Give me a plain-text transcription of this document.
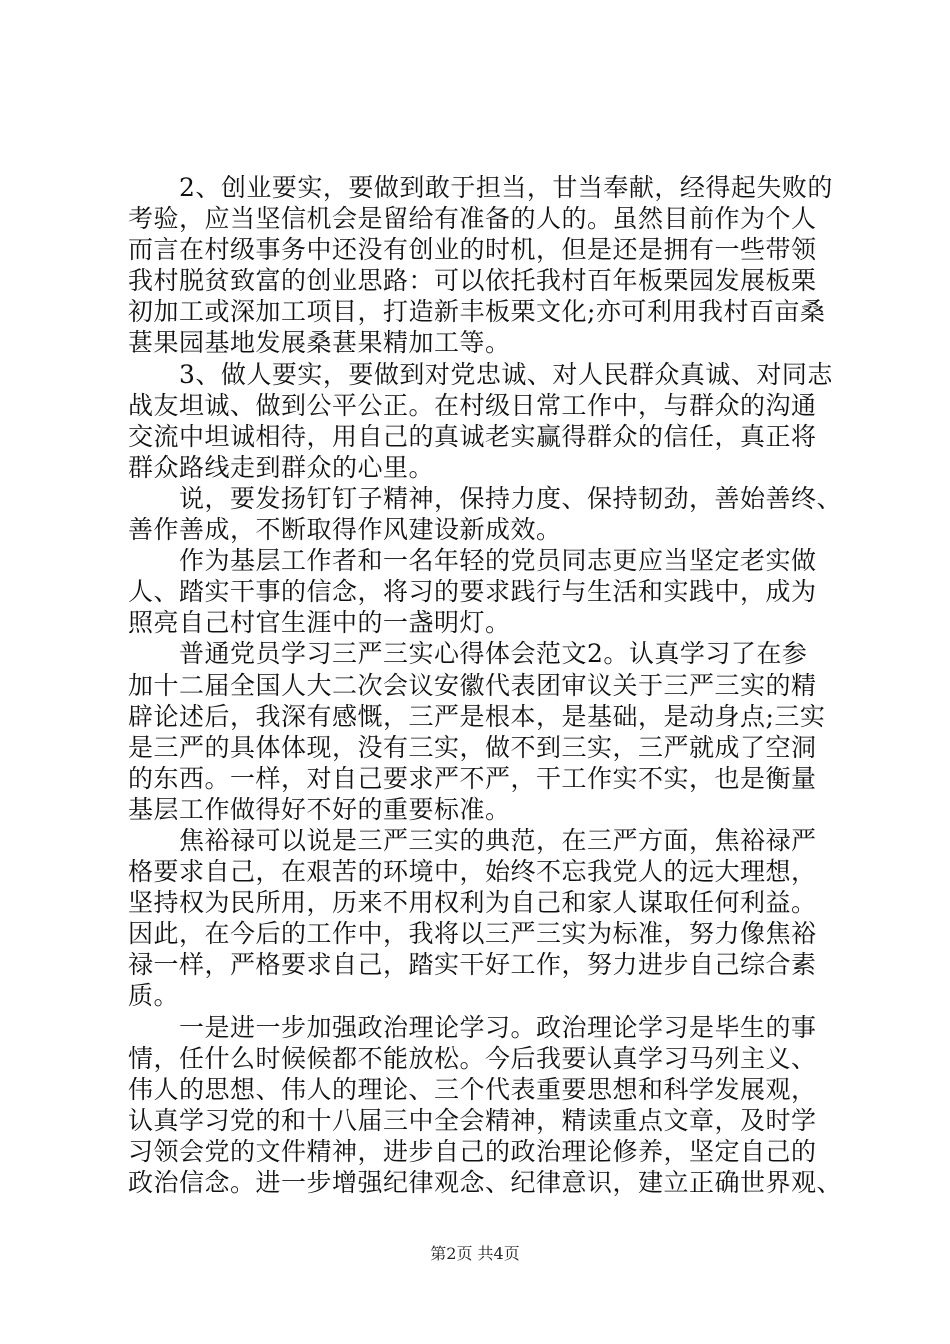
　　2、创业要实，要做到敢于担当，甘当奉献，经得起失败的
考验，应当坚信机会是留给有准备的人的。虽然目前作为个人
而言在村级事务中还没有创业的时机，但是还是拥有一些带领
我村脱贫致富的创业思路：可以依托我村百年板栗园发展板栗
初加工或深加工项目，打造新丰板栗文化;亦可利用我村百亩桑
葚果园基地发展桑葚果精加工等。
　　3、做人要实，要做到对党忠诚、对人民群众真诚、对同志
战友坦诚、做到公平公正。在村级日常工作中，与群众的沟通
交流中坦诚相待，用自己的真诚老实赢得群众的信任，真正将
群众路线走到群众的心里。
　　说，要发扬钉钉子精神，保持力度、保持韧劲，善始善终、
善作善成，不断取得作风建设新成效。
　　作为基层工作者和一名年轻的党员同志更应当坚定老实做
人、踏实干事的信念，将习的要求践行与生活和实践中，成为
照亮自己村官生涯中的一盏明灯。
　　普通党员学习三严三实心得体会范文2。认真学习了在参
加十二届全国人大二次会议安徽代表团审议关于三严三实的精
辟论述后，我深有感慨，三严是根本，是基础，是动身点;三实
是三严的具体体现，没有三实，做不到三实，三严就成了空洞
的东西。一样，对自己要求严不严，干工作实不实，也是衡量
基层工作做得好不好的重要标准。
　　焦裕禄可以说是三严三实的典范，在三严方面，焦裕禄严
格要求自己，在艰苦的环境中，始终不忘我党人的远大理想，
坚持权为民所用，历来不用权利为自己和家人谋取任何利益。
因此，在今后的工作中，我将以三严三实为标准，努力像焦裕
禄一样，严格要求自己，踏实干好工作，努力进步自己综合素
质。
　　一是进一步加强政治理论学习。政治理论学习是毕生的事
情，任什么时候候都不能放松。今后我要认真学习马列主义、
伟人的思想、伟人的理论、三个代表重要思想和科学发展观，
认真学习党的和十八届三中全会精神，精读重点文章，及时学
习领会党的文件精神，进步自己的政治理论修养，坚定自己的
政治信念。进一步增强纪律观念、纪律意识，建立正确世界观、
第2页 共4页
